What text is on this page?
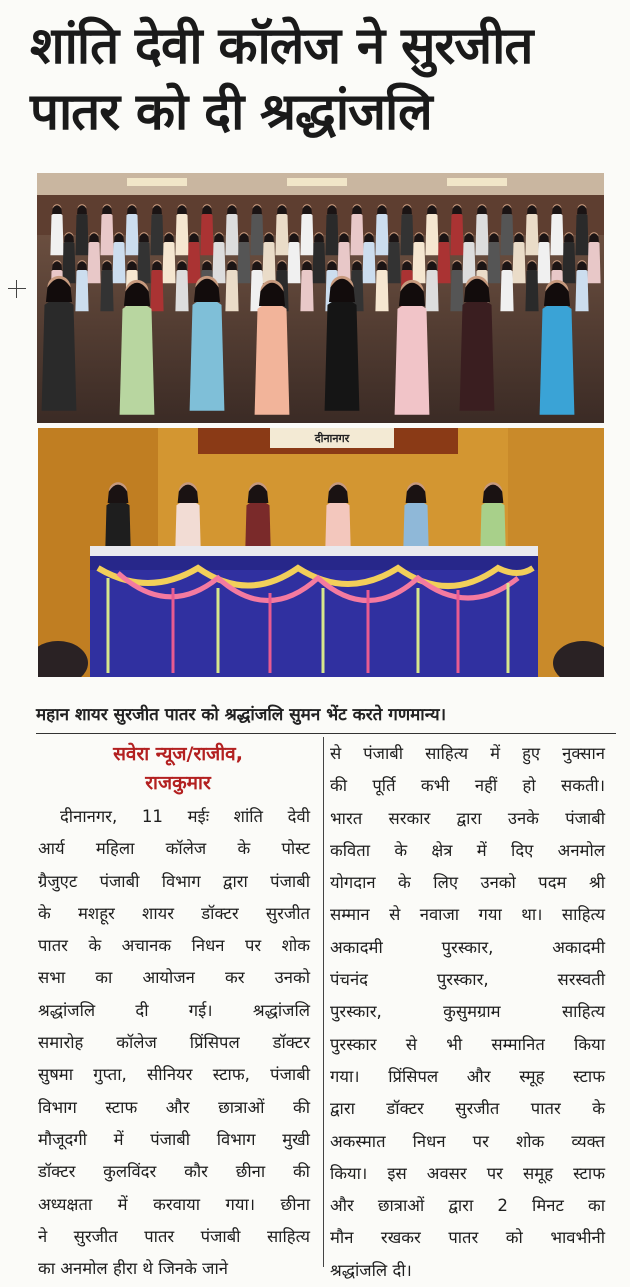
शांति देवी कॉलेज ने सुरजीत
पातर को दी श्रद्धांजलि
दीनानगर
महान शायर सुरजीत पातर को श्रद्धांजलि सुमन भेंट करते गणमान्य।
सवेरा न्यूज/राजीव,
राजकुमार
दीनानगर, 11 मईः शांति देवी
आर्य महिला कॉलेज के पोस्ट
ग्रैजुएट पंजाबी विभाग द्वारा पंजाबी
के मशहूर शायर डॉक्टर सुरजीत
पातर के अचानक निधन पर शोक
सभा का आयोजन कर उनको
श्रद्धांजलि दी गई। श्रद्धांजलि
समारोह कॉलेज प्रिंसिपल डॉक्टर
सुषमा गुप्ता, सीनियर स्टाफ, पंजाबी
विभाग स्टाफ और छात्राओं की
मौजूदगी में पंजाबी विभाग मुखी
डॉक्टर कुलविंदर कौर छीना की
अध्यक्षता में करवाया गया। छीना
ने सुरजीत पातर पंजाबी साहित्य
का अनमोल हीरा थे जिनके जाने
से पंजाबी साहित्य में हुए नुक्सान
की पूर्ति कभी नहीं हो सकती।
भारत सरकार द्वारा उनके पंजाबी
कविता के क्षेत्र में दिए अनमोल
योगदान के लिए उनको पदम श्री
सम्मान से नवाजा गया था। साहित्य
अकादमी पुरस्कार, अकादमी
पंचनंद पुरस्कार, सरस्वती
पुरस्कार, कुसुमग्राम साहित्य
पुरस्कार से भी सम्मानित किया
गया। प्रिंसिपल और स्मूह स्टाफ
द्वारा डॉक्टर सुरजीत पातर के
अकस्मात निधन पर शोक व्यक्त
किया। इस अवसर पर समूह स्टाफ
और छात्राओं द्वारा 2 मिनट का
मौन रखकर पातर को भावभीनी
श्रद्धांजलि दी।
